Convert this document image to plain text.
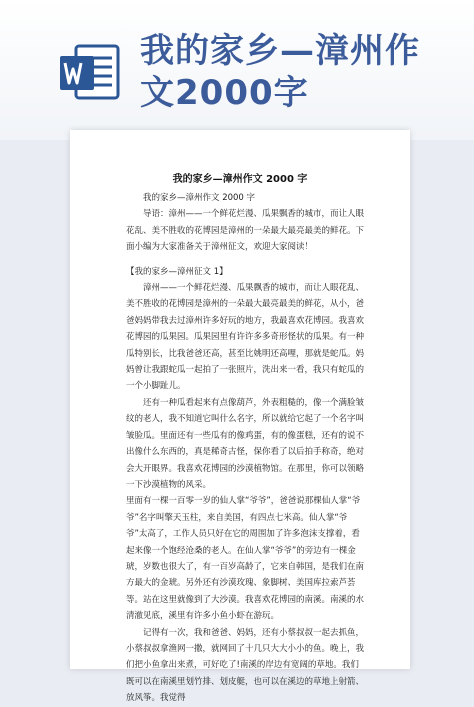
我的家乡—漳州作
文2000字
我的家乡—漳州作文 2000 字

我的家乡—漳州作文 2000 字

导语：漳州——一个鲜花烂漫、瓜果飘香的城市，而让人眼花乱、美不胜收的花博园是漳州的一朵最大最亮最美的鲜花。下面小编为大家准备关于漳州征文，欢迎大家阅读！

【我的家乡—漳州征文 1】

漳州——一个鲜花烂漫、瓜果飘香的城市，而让人眼花乱、美不胜收的花博园是漳州的一朵最大最亮最美的鲜花，从小，爸爸妈妈带我去过漳州许多好玩的地方，我最喜欢花博园。我喜欢花博园的瓜果园。瓜果园里有许许多多奇形怪状的瓜果。有一种瓜特别长，比我爸爸还高，甚至比姚明还高哩，那就是蛇瓜。妈妈曾让我跟蛇瓜一起拍了一张照片，洗出来一看，我只有蛇瓜的一个小脚趾儿。

还有一种瓜看起来有点像葫芦，外表粗糙的，像一个满脸皱纹的老人，我不知道它叫什么名字，所以就给它起了一个名字叫皱脸瓜。里面还有一些瓜有的像鸡蛋，有的像蛋糕，还有的说不出像什么东西的，真是稀奇古怪，保你看了以后拍手称奇，绝对会大开眼界。我喜欢花博园的沙漠植物馆。在那里，你可以领略一下沙漠植物的风采。

里面有一棵一百零一岁的仙人掌“爷爷”，爸爸说那棵仙人掌“爷爷”名字叫擎天玉柱，来自美国，有四点七米高。仙人掌“爷爷”太高了，工作人员只好在它的周围加了许多泡沫支撑着，看起来像一个饱经沧桑的老人。在仙人掌“爷爷”的旁边有一棵金琥，岁数也很大了，有一百岁高龄了，它来自韩国，是我们在南方最大的金琥。另外还有沙漠玫瑰、象脚树、美国库拉索芦荟等。站在这里就像到了大沙漠。我喜欢花博园的南溪。南溪的水清澈见底，溪里有许多小鱼小虾在游玩。

记得有一次，我和爸爸、妈妈，还有小蔡叔叔一起去抓鱼，小蔡叔叔拿渔网一撒，就网回了十几只大大小小的鱼。晚上，我们把小鱼拿出来煮，可好吃了!南溪的岸边有宽阔的草地。我们既可以在南溪里划竹排、划皮艇，也可以在溪边的草地上射箭、放风筝。我觉得
